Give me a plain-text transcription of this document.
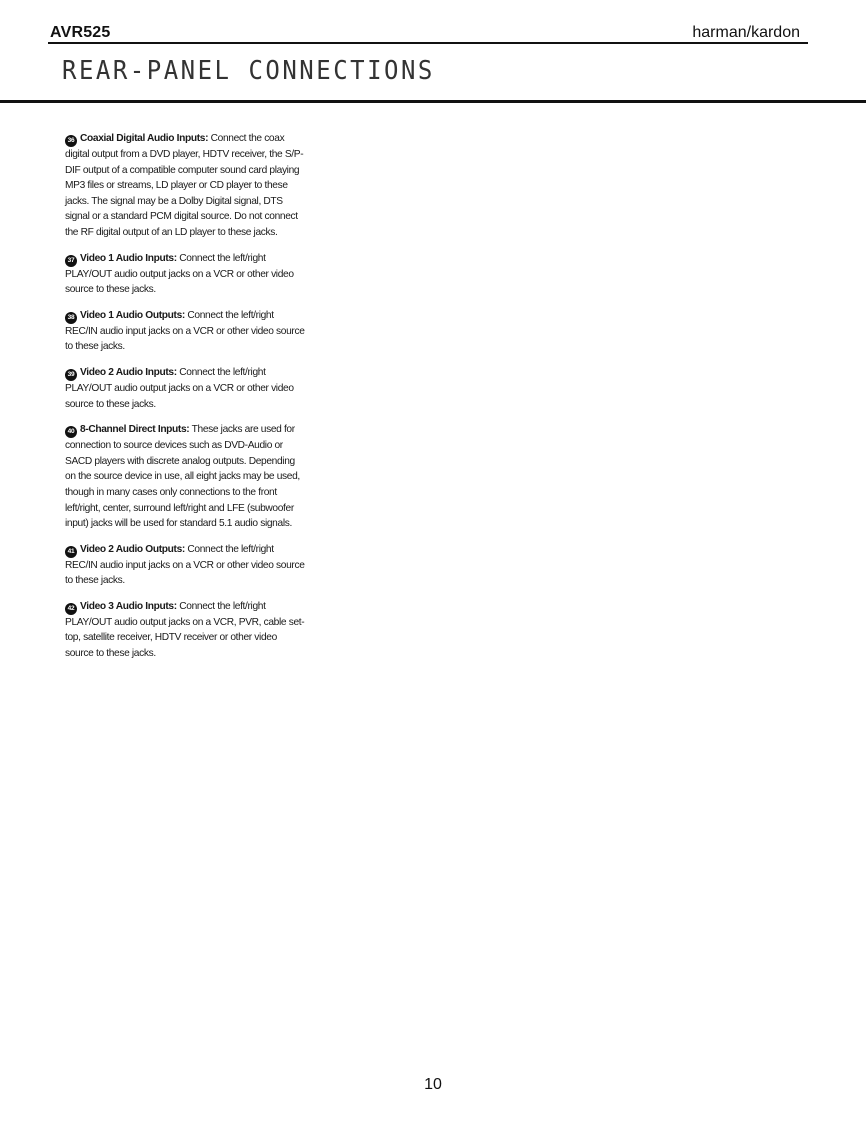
AVR525	harman/kardon
REAR-PANEL CONNECTIONS

36 Coaxial Digital Audio Inputs: Connect the coax digital output from a DVD player, HDTV receiver, the S/P-DIF output of a compatible computer sound card playing MP3 files or streams, LD player or CD player to these jacks. The signal may be a Dolby Digital signal, DTS signal or a standard PCM digital source. Do not connect the RF digital output of an LD player to these jacks.

37 Video 1 Audio Inputs: Connect the left/right PLAY/OUT audio output jacks on a VCR or other video source to these jacks.

38 Video 1 Audio Outputs: Connect the left/right REC/IN audio input jacks on a VCR or other video source to these jacks.

39 Video 2 Audio Inputs: Connect the left/right PLAY/OUT audio output jacks on a VCR or other video source to these jacks.

40 8-Channel Direct Inputs: These jacks are used for connection to source devices such as DVD-Audio or SACD players with discrete analog outputs. Depending on the source device in use, all eight jacks may be used, though in many cases only connections to the front left/right, center, surround left/right and LFE (subwoofer input) jacks will be used for standard 5.1 audio signals.

41 Video 2 Audio Outputs: Connect the left/right REC/IN audio input jacks on a VCR or other video source to these jacks.

42 Video 3 Audio Inputs: Connect the left/right PLAY/OUT audio output jacks on a VCR, PVR, cable set-top, satellite receiver, HDTV receiver or other video source to these jacks.

10
